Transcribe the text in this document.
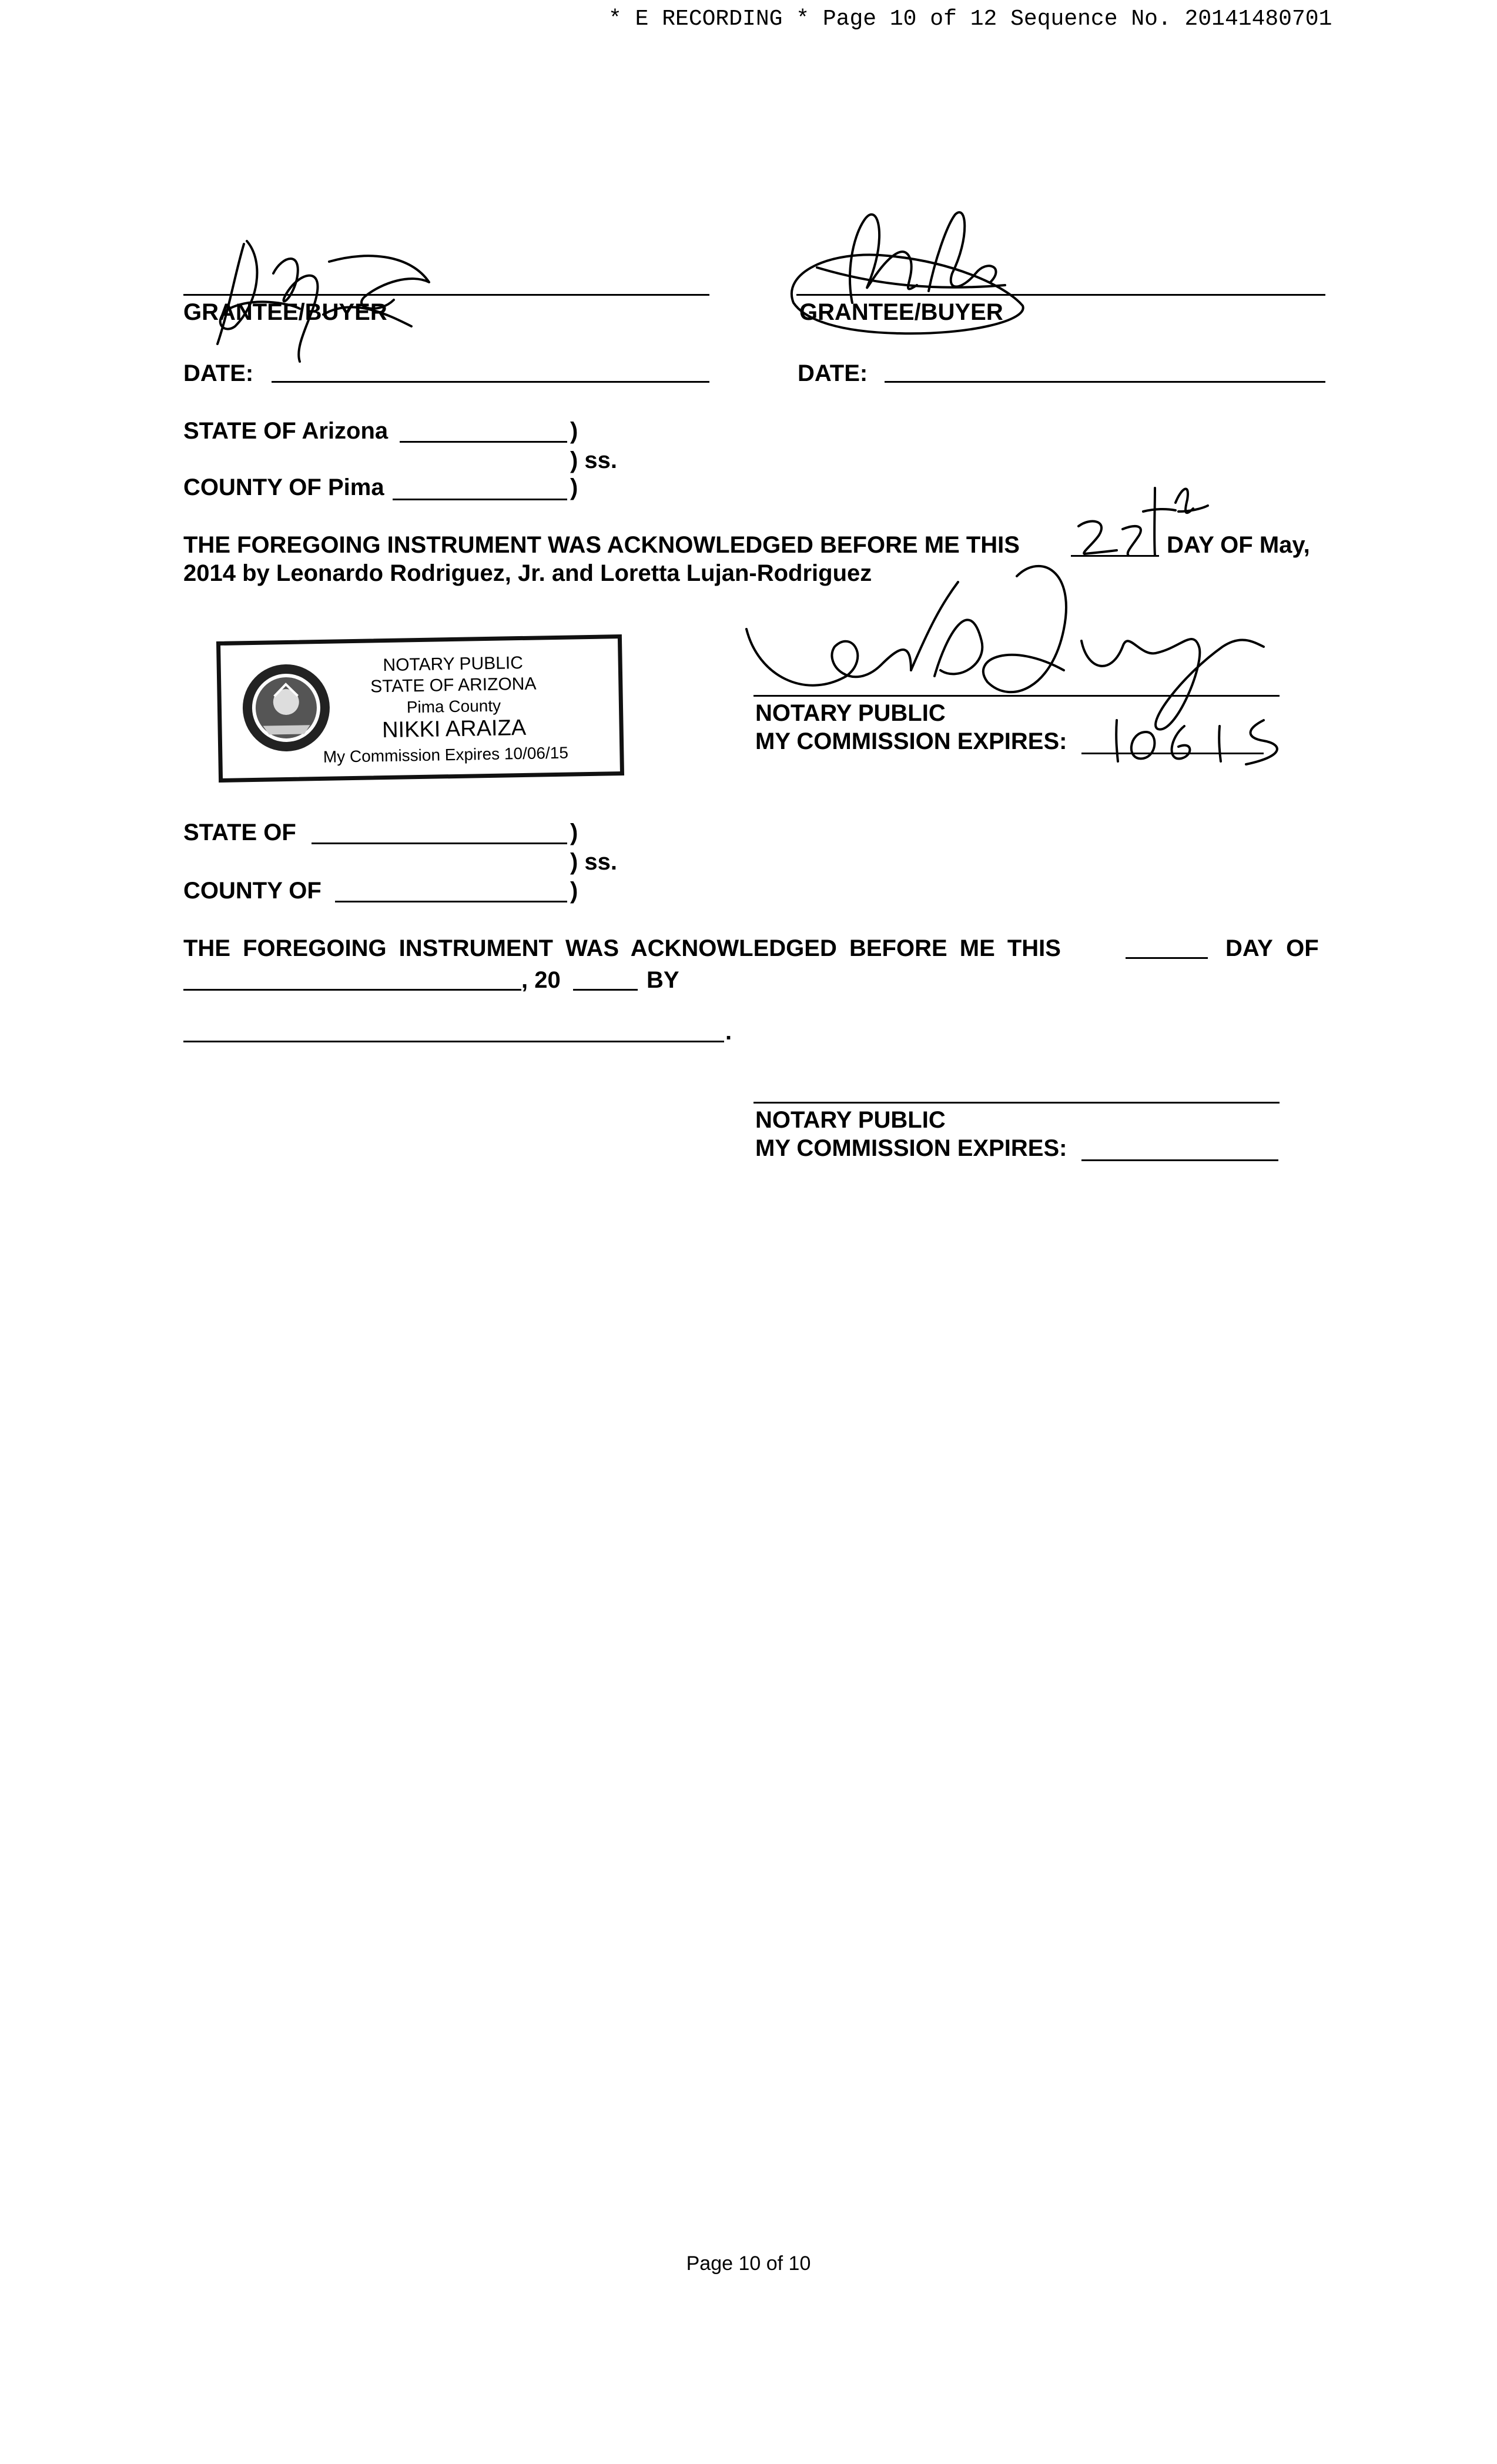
* E RECORDING * Page 10 of 12 Sequence No. 20141480701
GRANTEE/BUYER
DATE:
GRANTEE/BUYER
DATE:
STATE OF Arizona	)
) ss.
COUNTY OF Pima	)
THE FOREGOING INSTRUMENT WAS ACKNOWLEDGED BEFORE ME THIS	DAY OF May,
2014 by Leonardo Rodriguez, Jr. and Loretta Lujan-Rodriguez
NOTARY PUBLIC
STATE OF ARIZONA
Pima County
NIKKI ARAIZA
My Commission Expires 10/06/15
NOTARY PUBLIC
MY COMMISSION EXPIRES:
STATE OF	)
) ss.
COUNTY OF	)
THE FOREGOING INSTRUMENT WAS ACKNOWLEDGED BEFORE ME THIS	DAY OF
, 20	BY
.
NOTARY PUBLIC
MY COMMISSION EXPIRES:
Page 10 of 10
